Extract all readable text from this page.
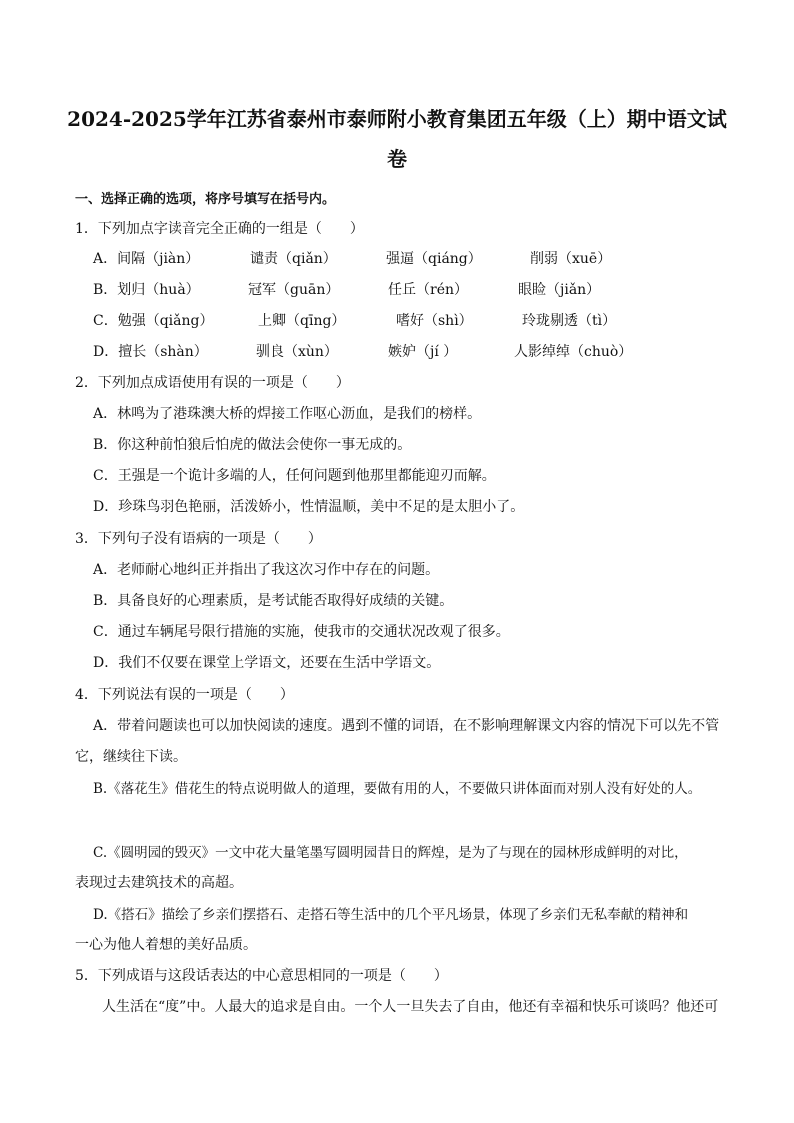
2024-2025学年江苏省泰州市泰师附小教育集团五年级（上）期中语文试
卷
一、选择正确的选项，将序号填写在括号内。
1．下列加点字读音完全正确的一组是（　　）
A．间隔（jiàn）	谴责（qiǎn）	强逼（qiáng）	削弱（xuē）
B．划归（huà）	冠军（guān）	任丘（rén）	眼睑（jiǎn）
C．勉强（qiǎng）	上卿（qīng）	嗜好（shì）	玲珑剔透（tì）
D．擅长（shàn）	驯良（xùn）	嫉妒（jí ）	人影绰绰（chuò）
2．下列加点成语使用有误的一项是（　　）
A．林鸣为了港珠澳大桥的焊接工作呕心沥血，是我们的榜样。
B．你这种前怕狼后怕虎的做法会使你一事无成的。
C．王强是一个诡计多端的人，任何问题到他那里都能迎刃而解。
D．珍珠鸟羽色艳丽，活泼娇小，性情温顺，美中不足的是太胆小了。
3．下列句子没有语病的一项是（　　）
A．老师耐心地纠正并指出了我这次习作中存在的问题。
B．具备良好的心理素质，是考试能否取得好成绩的关键。
C．通过车辆尾号限行措施的实施，使我市的交通状况改观了很多。
D．我们不仅要在课堂上学语文，还要在生活中学语文。
4．下列说法有误的一项是（　　）
A．带着问题读也可以加快阅读的速度。遇到不懂的词语，在不影响理解课文内容的情况下可以先不管
它，继续往下读。
B.《落花生》借花生的特点说明做人的道理，要做有用的人，不要做只讲体面而对别人没有好处的人。
C.《圆明园的毁灭》一文中花大量笔墨写圆明园昔日的辉煌，是为了与现在的园林形成鲜明的对比，
表现过去建筑技术的高超。
D.《搭石》描绘了乡亲们摆搭石、走搭石等生活中的几个平凡场景，体现了乡亲们无私奉献的精神和
一心为他人着想的美好品质。
5．下列成语与这段话表达的中心意思相同的一项是（　　）
人生活在“度”中。人最大的追求是自由。一个人一旦失去了自由，他还有幸福和快乐可谈吗？他还可
